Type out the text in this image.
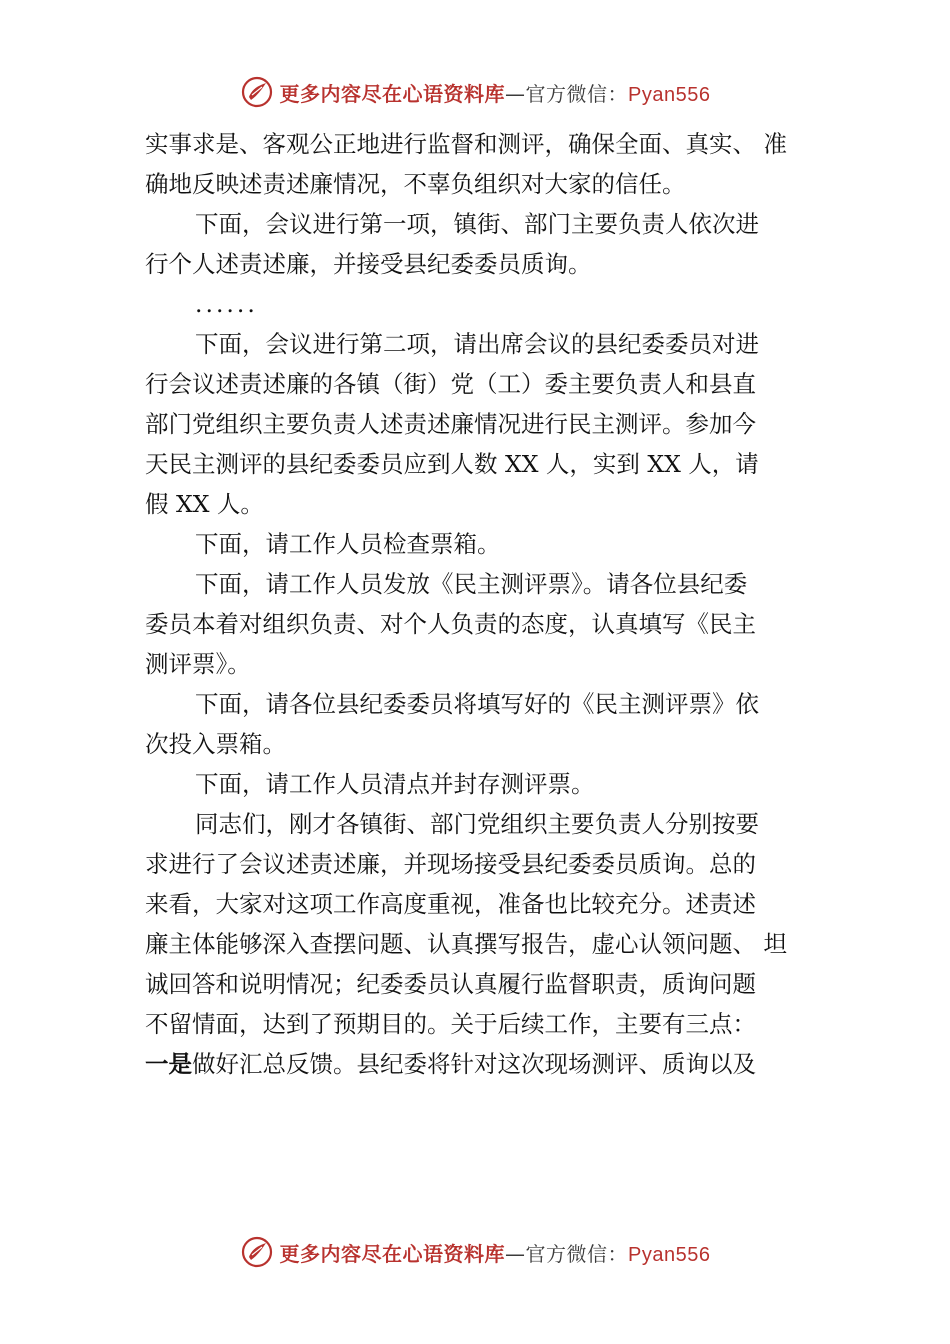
更多内容尽在心语资料库—官方微信：Pyan556
实事求是、客观公正地进行监督和测评，确保全面、真实、 准
确地反映述责述廉情况，不辜负组织对大家的信任。
下面，会议进行第一项，镇街、部门主要负责人依次进
行个人述责述廉，并接受县纪委委员质询。
......
下面，会议进行第二项，请出席会议的县纪委委员对进
行会议述责述廉的各镇（街）党（工）委主要负责人和县直
部门党组织主要负责人述责述廉情况进行民主测评。参加今
天民主测评的县纪委委员应到人数 XX 人，实到 XX 人，请
假 XX 人。
下面，请工作人员检查票箱。
下面，请工作人员发放《民主测评票》。请各位县纪委
委员本着对组织负责、对个人负责的态度，认真填写《民主
测评票》。
下面，请各位县纪委委员将填写好的《民主测评票》依
次投入票箱。
下面，请工作人员清点并封存测评票。
同志们，刚才各镇街、部门党组织主要负责人分别按要
求进行了会议述责述廉，并现场接受县纪委委员质询。总的
来看，大家对这项工作高度重视，准备也比较充分。述责述
廉主体能够深入查摆问题、认真撰写报告，虚心认领问题、 坦
诚回答和说明情况；纪委委员认真履行监督职责，质询问题
不留情面，达到了预期目的。关于后续工作，主要有三点：
一是做好汇总反馈。县纪委将针对这次现场测评、质询以及
更多内容尽在心语资料库—官方微信：Pyan556
